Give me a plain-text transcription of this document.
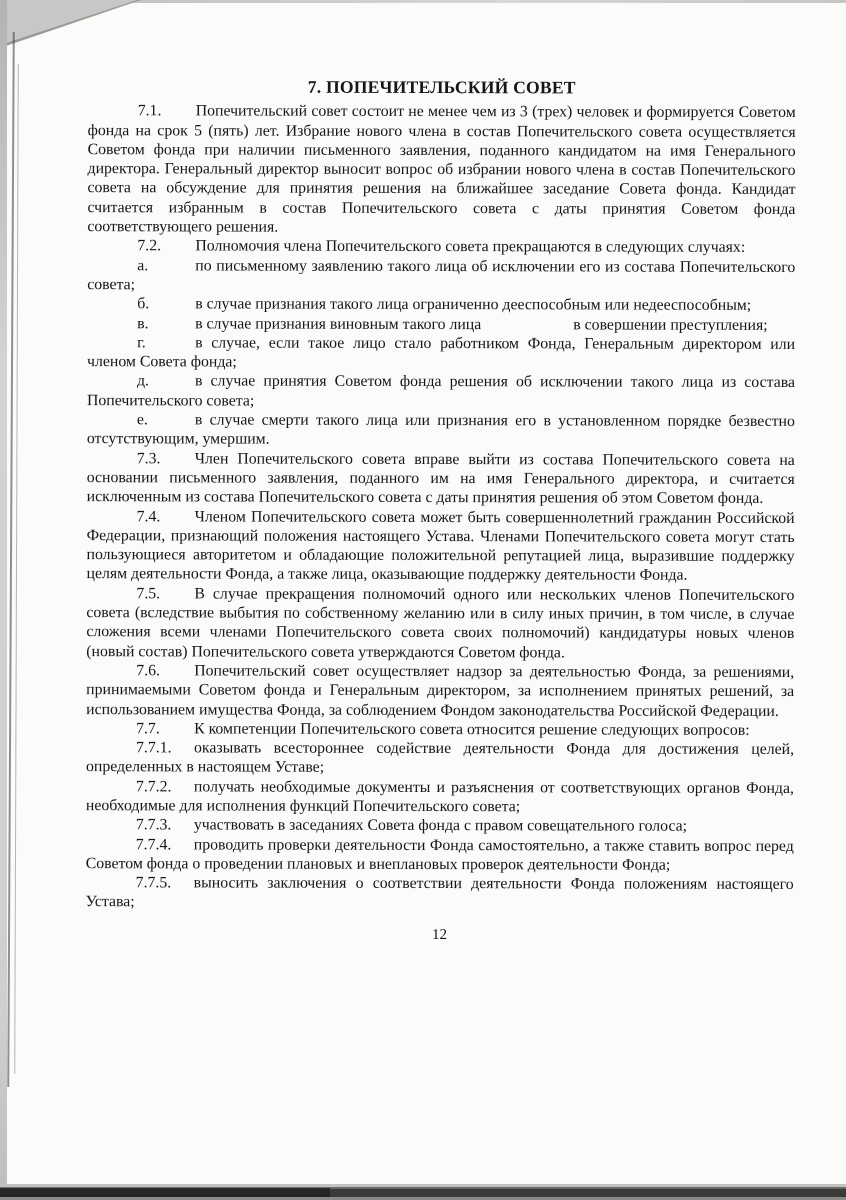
7. ПОПЕЧИТЕЛЬСКИЙ СОВЕТ

7.1. Попечительский совет состоит не менее чем из 3 (трех) человек и формируется Советом фонда на срок 5 (пять) лет. Избрание нового члена в состав Попечительского совета осуществляется Советом фонда при наличии письменного заявления, поданного кандидатом на имя Генерального директора. Генеральный директор выносит вопрос об избрании нового члена в состав Попечительского совета на обсуждение для принятия решения на ближайшее заседание Совета фонда. Кандидат считается избранным в состав Попечительского совета с даты принятия Советом фонда соответствующего решения.

7.2. Полномочия члена Попечительского совета прекращаются в следующих случаях:

а.	по письменному заявлению такого лица об исключении его из состава Попечительского совета;

б.	в случае признания такого лица ограниченно дееспособным или недееспособным;

в.	в случае признания виновным такого лица	в совершении преступления;

г.	в случае, если такое лицо стало работником Фонда, Генеральным директором или членом Совета фонда;

д.	в случае принятия Советом фонда решения об исключении такого лица из состава Попечительского совета;

е.	в случае смерти такого лица или признания его в установленном порядке безвестно отсутствующим, умершим.

7.3. Член Попечительского совета вправе выйти из состава Попечительского совета на основании письменного заявления, поданного им на имя Генерального директора, и считается исключенным из состава Попечительского совета с даты принятия решения об этом Советом фонда.

7.4. Членом Попечительского совета может быть совершеннолетний гражданин Российской Федерации, признающий положения настоящего Устава. Членами Попечительского совета могут стать пользующиеся авторитетом и обладающие положительной репутацией лица, выразившие поддержку целям деятельности Фонда, а также лица, оказывающие поддержку деятельности Фонда.

7.5. В случае прекращения полномочий одного или нескольких членов Попечительского совета (вследствие выбытия по собственному желанию или в силу иных причин, в том числе, в случае сложения всеми членами Попечительского совета своих полномочий) кандидатуры новых членов (новый состав) Попечительского совета утверждаются Советом фонда.

7.6. Попечительский совет осуществляет надзор за деятельностью Фонда, за решениями, принимаемыми Советом фонда и Генеральным директором, за исполнением принятых решений, за использованием имущества Фонда, за соблюдением Фондом законодательства Российской Федерации.

7.7. К компетенции Попечительского совета относится решение следующих вопросов:

7.7.1. оказывать всестороннее содействие деятельности Фонда для достижения целей, определенных в настоящем Уставе;

7.7.2. получать необходимые документы и разъяснения от соответствующих органов Фонда, необходимые для исполнения функций Попечительского совета;

7.7.3. участвовать в заседаниях Совета фонда с правом совещательного голоса;

7.7.4. проводить проверки деятельности Фонда самостоятельно, а также ставить вопрос перед Советом фонда о проведении плановых и внеплановых проверок деятельности Фонда;

7.7.5. выносить заключения о соответствии деятельности Фонда положениям настоящего Устава;

12
